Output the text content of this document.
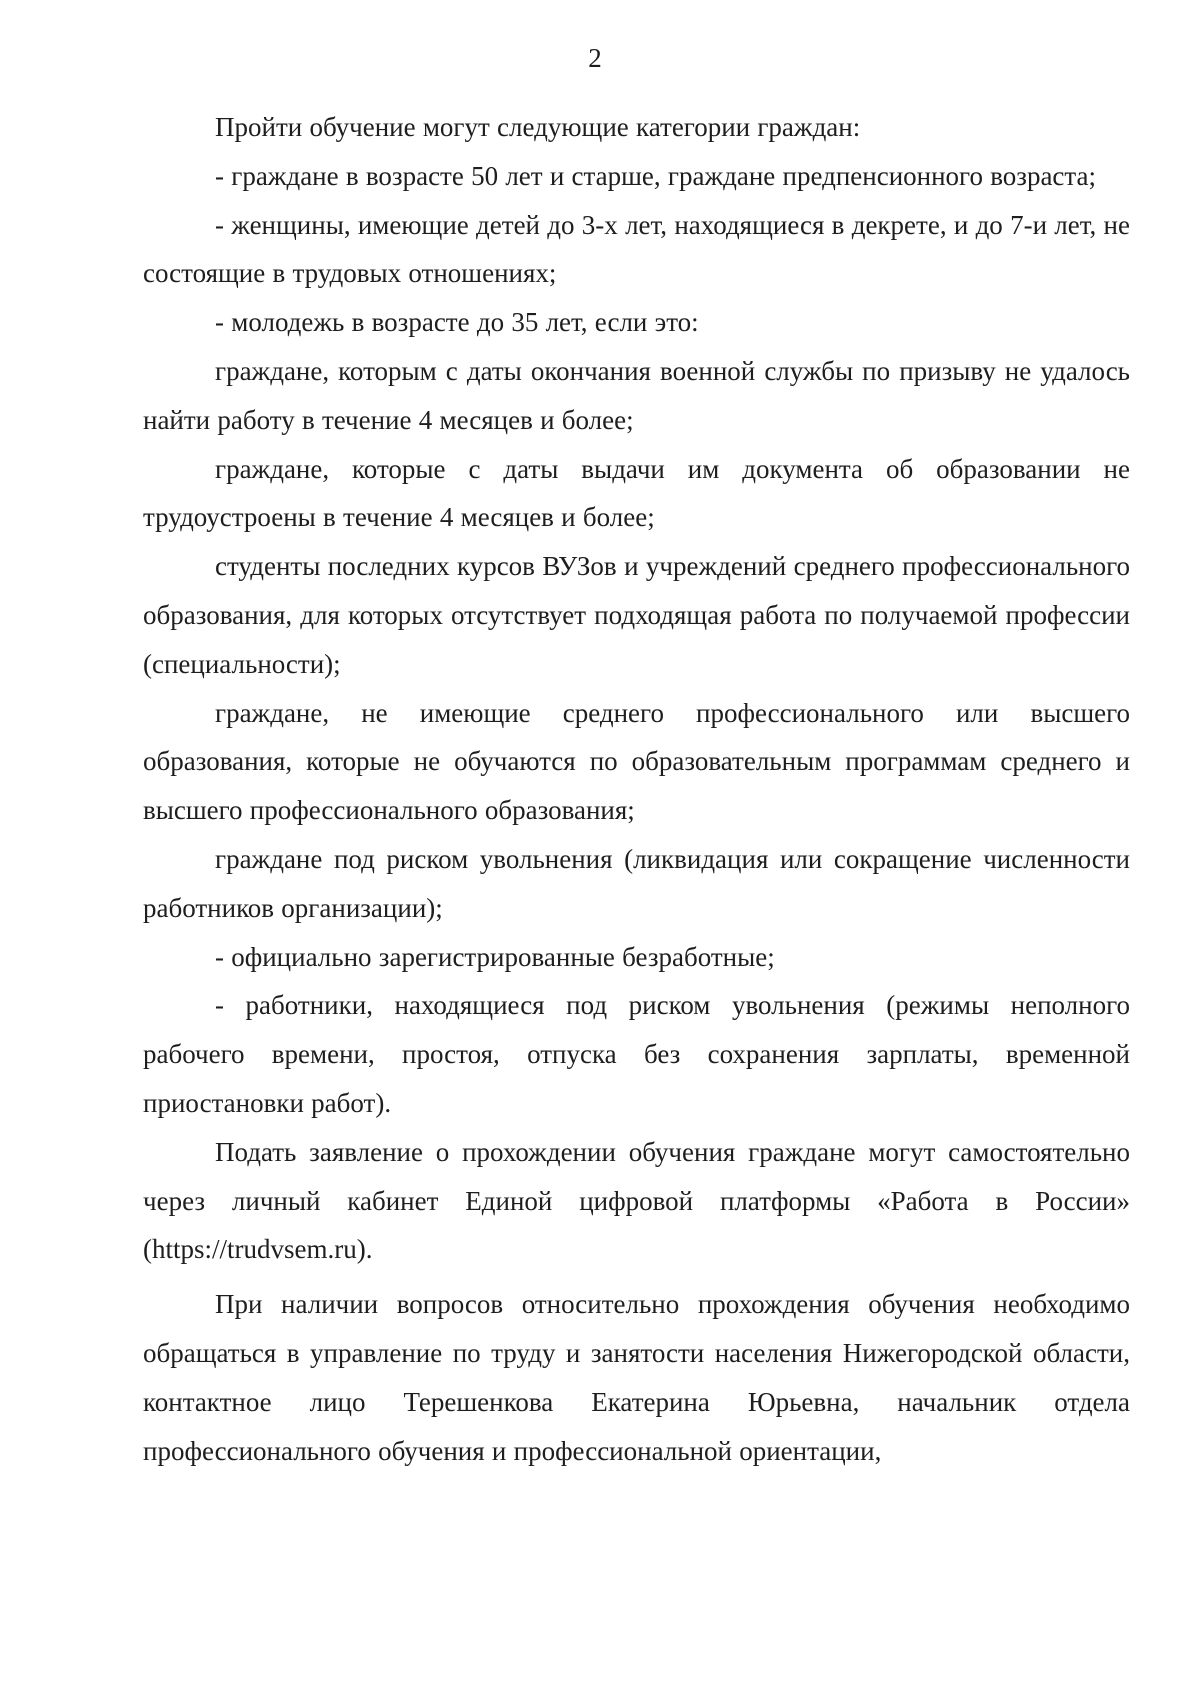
2

Пройти обучение могут следующие категории граждан:

- граждане в возрасте 50 лет и старше, граждане предпенсионного возраста;

- женщины, имеющие детей до 3-х лет, находящиеся в декрете, и до 7-и лет, не состоящие в трудовых отношениях;

- молодежь в возрасте до 35 лет, если это:

граждане, которым с даты окончания военной службы по призыву не удалось найти работу в течение 4 месяцев и более;

граждане, которые с даты выдачи им документа об образовании не трудоустроены в течение 4 месяцев и более;

студенты последних курсов ВУЗов и учреждений среднего профессионального образования, для которых отсутствует подходящая работа по получаемой профессии (специальности);

граждане, не имеющие среднего профессионального или высшего образования, которые не обучаются по образовательным программам среднего и высшего профессионального образования;

граждане под риском увольнения (ликвидация или сокращение численности работников организации);

- официально зарегистрированные безработные;

- работники, находящиеся под риском увольнения (режимы неполного рабочего времени, простоя, отпуска без сохранения зарплаты, временной приостановки работ).

Подать заявление о прохождении обучения граждане могут самостоятельно через личный кабинет Единой цифровой платформы «Работа в России» (https://trudvsem.ru).

При наличии вопросов относительно прохождения обучения необходимо обращаться в управление по труду и занятости населения Нижегородской области, контактное лицо Терешенкова Екатерина Юрьевна, начальник отдела профессионального обучения и профессиональной ориентации,
